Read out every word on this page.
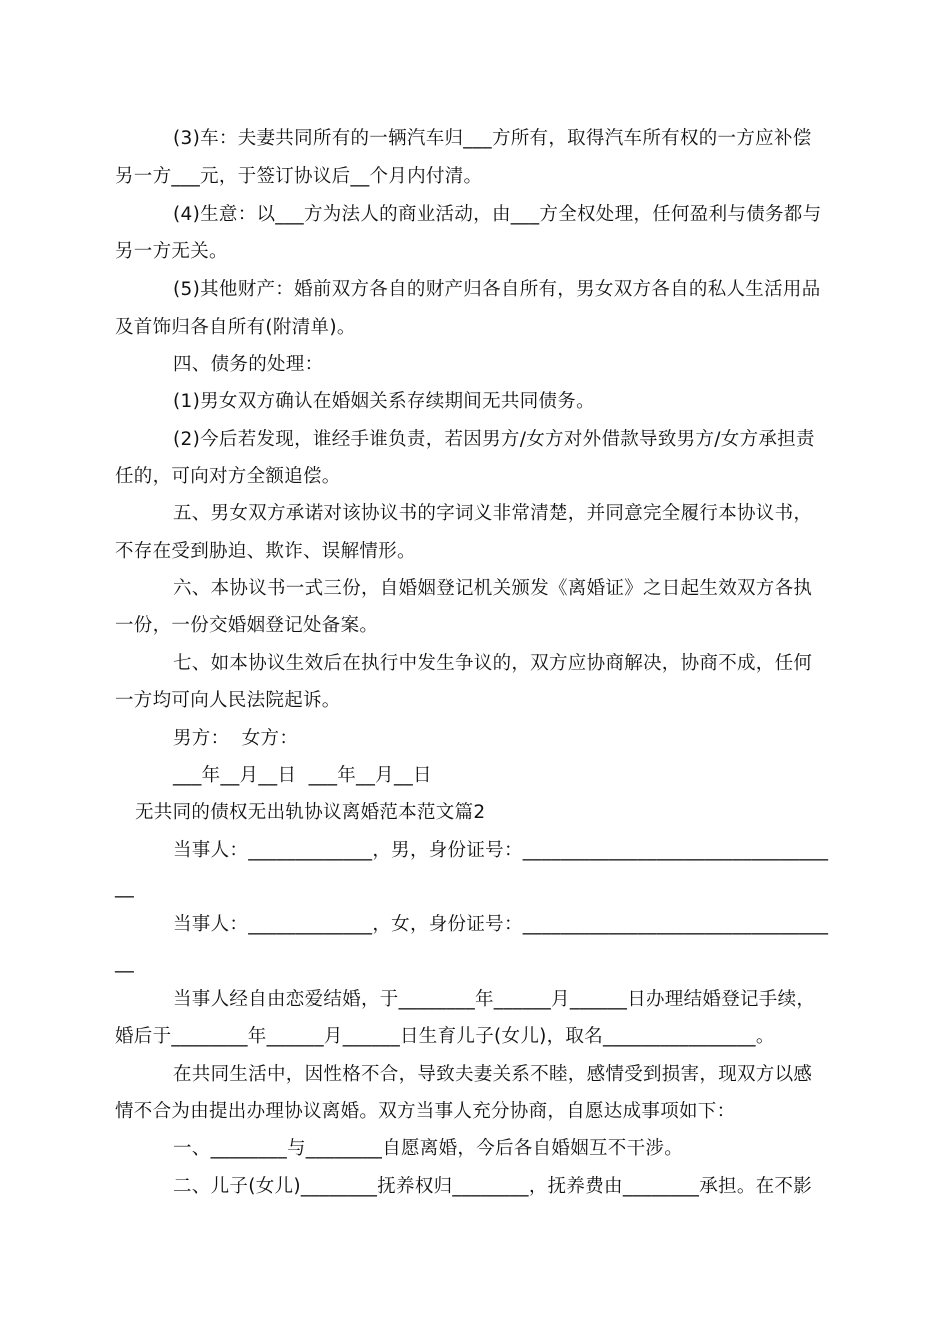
(3)车：夫妻共同所有的一辆汽车归___方所有，取得汽车所有权的一方应补偿
另一方___元，于签订协议后__个月内付清。
(4)生意：以___方为法人的商业活动，由___方全权处理，任何盈利与债务都与
另一方无关。
(5)其他财产：婚前双方各自的财产归各自所有，男女双方各自的私人生活用品
及首饰归各自所有(附清单)。
四、债务的处理：
(1)男女双方确认在婚姻关系存续期间无共同债务。
(2)今后若发现，谁经手谁负责，若因男方/女方对外借款导致男方/女方承担责
任的，可向对方全额追偿。
五、男女双方承诺对该协议书的字词义非常清楚，并同意完全履行本协议书，
不存在受到胁迫、欺诈、误解情形。
六、本协议书一式三份，自婚姻登记机关颁发《离婚证》之日起生效双方各执
一份，一份交婚姻登记处备案。
七、如本协议生效后在执行中发生争议的，双方应协商解决，协商不成，任何
一方均可向人民法院起诉。
男方：  女方：
___年__月__日  ___年__月__日
无共同的债权无出轨协议离婚范本范文篇2
当事人：_____________，男，身份证号：________________________________
__
当事人：_____________，女，身份证号：________________________________
__
当事人经自由恋爱结婚，于________年______月______日办理结婚登记手续，
婚后于________年______月______日生育儿子(女儿)，取名________________。
在共同生活中，因性格不合，导致夫妻关系不睦，感情受到损害，现双方以感
情不合为由提出办理协议离婚。双方当事人充分协商，自愿达成事项如下：
一、________与________自愿离婚，今后各自婚姻互不干涉。
二、儿子(女儿)________抚养权归________，抚养费由________承担。在不影
